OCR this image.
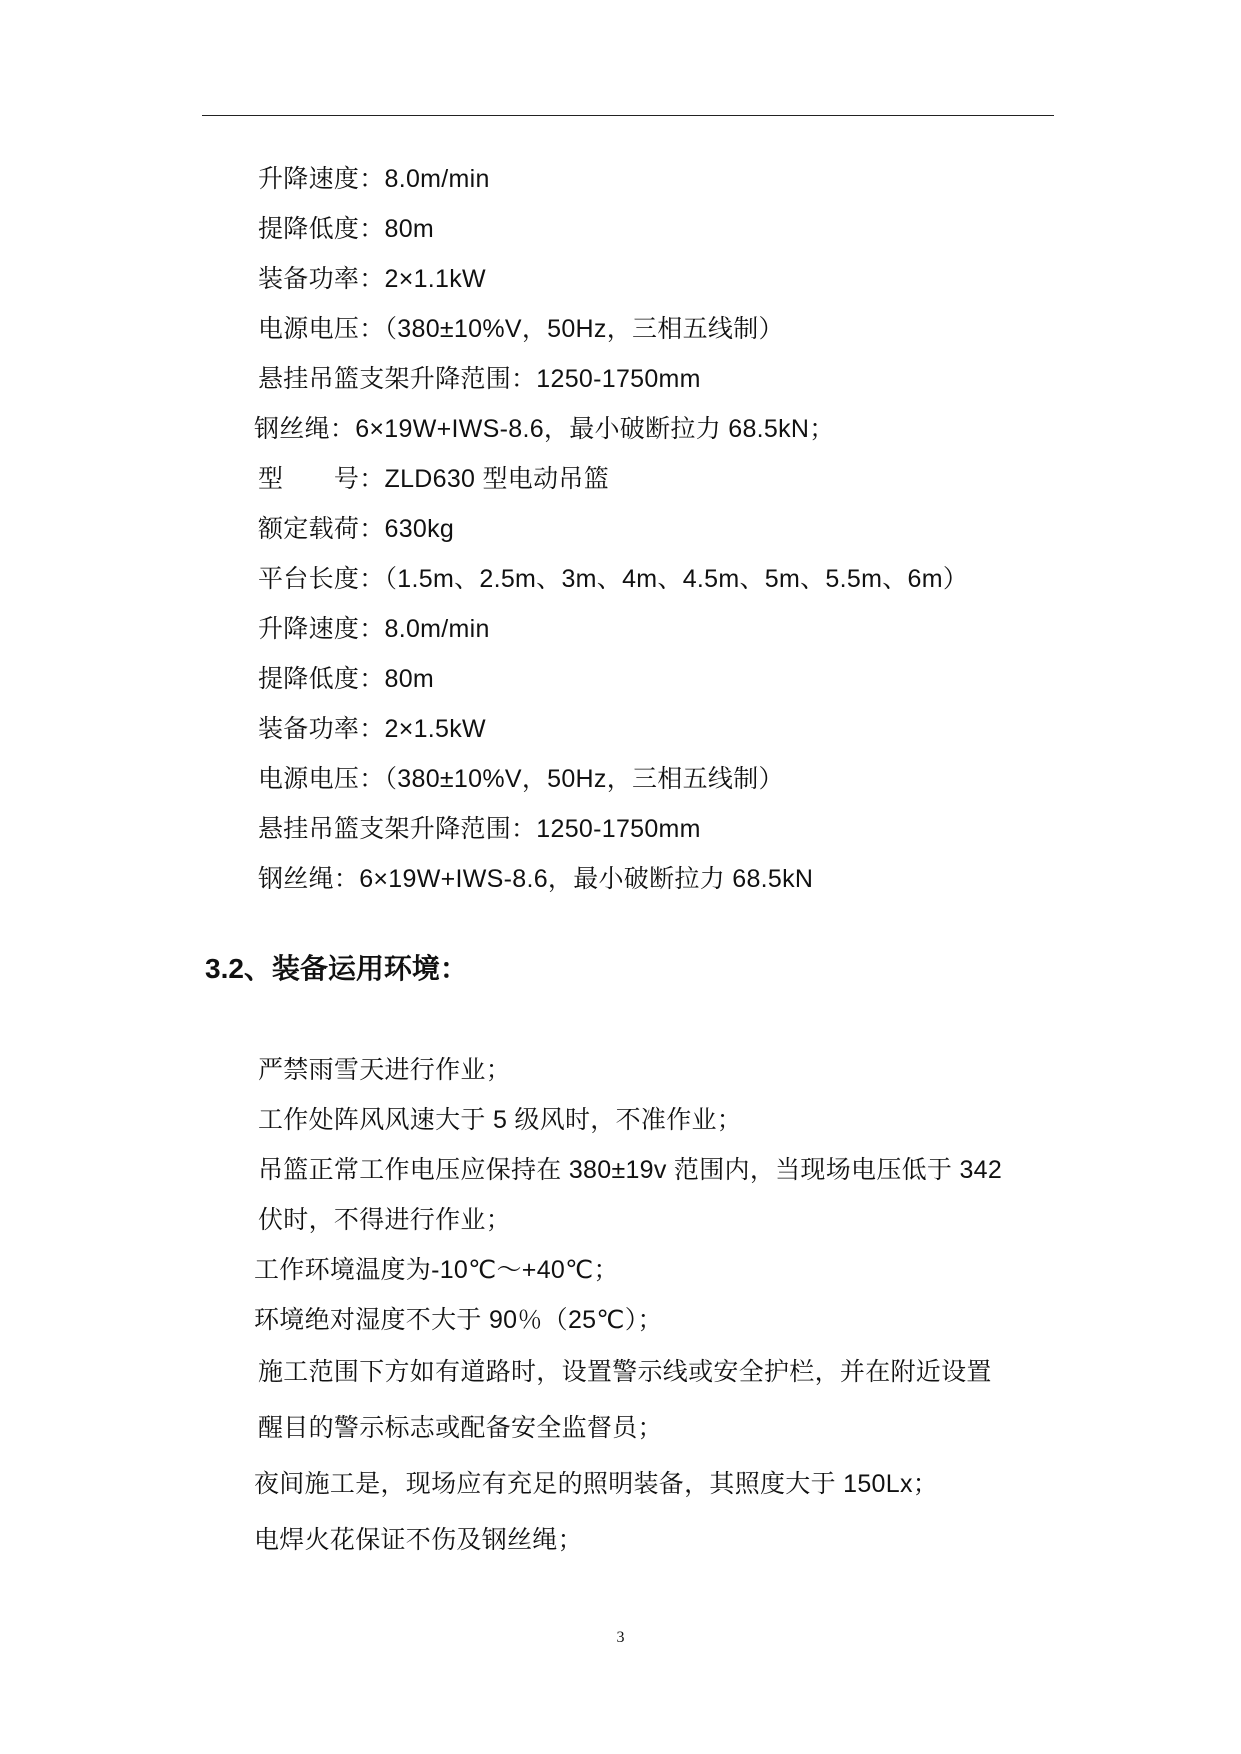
升降速度：8.0m/min
提降低度：80m
装备功率：2×1.1kW
电源电压：（380±10%V，50Hz，三相五线制）
悬挂吊篮支架升降范围：1250-1750mm
钢丝绳：6×19W+IWS-8.6，最小破断拉力 68.5kN；
型　　号：ZLD630 型电动吊篮
额定载荷：630kg
平台长度：（1.5m、2.5m、3m、4m、4.5m、5m、5.5m、6m）
升降速度：8.0m/min
提降低度：80m
装备功率：2×1.5kW
电源电压：（380±10%V，50Hz，三相五线制）
悬挂吊篮支架升降范围：1250-1750mm
钢丝绳：6×19W+IWS-8.6，最小破断拉力 68.5kN
3.2、装备运用环境：
严禁雨雪天进行作业；
工作处阵风风速大于 5 级风时，不准作业；
吊篮正常工作电压应保持在 380±19v 范围内，当现场电压低于 342
伏时，不得进行作业；
工作环境温度为-10℃～+40℃；
环境绝对湿度不大于 90％（25℃）；
施工范围下方如有道路时，设置警示线或安全护栏，并在附近设置
醒目的警示标志或配备安全监督员；
夜间施工是，现场应有充足的照明装备，其照度大于 150Lx；
电焊火花保证不伤及钢丝绳；
3
